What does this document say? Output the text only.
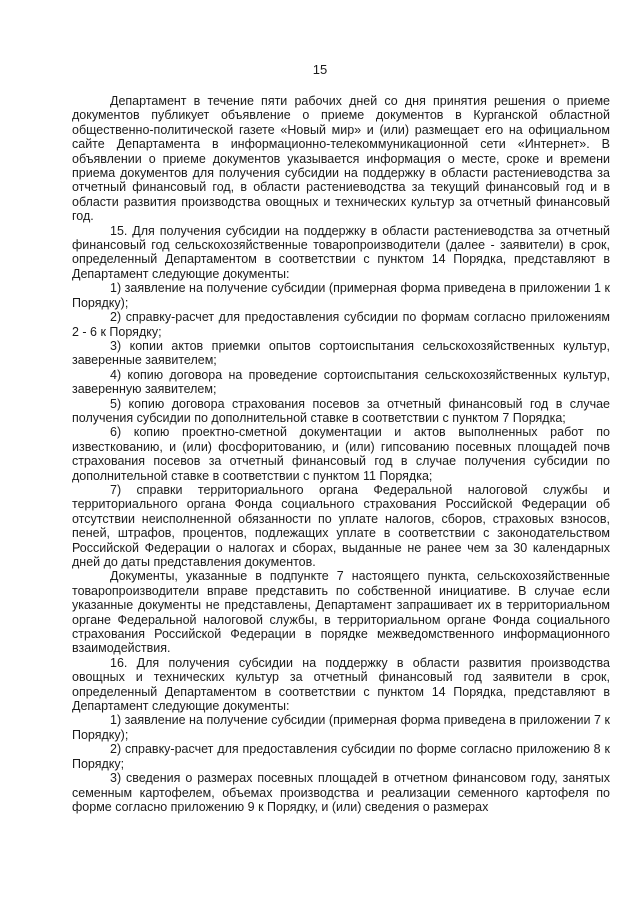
15

Департамент в течение пяти рабочих дней со дня принятия решения о приеме документов публикует объявление о приеме документов в Курганской областной общественно-политической газете «Новый мир» и (или) размещает его на официальном сайте Департамента в информационно-телекоммуникационной сети «Интернет». В объявлении о приеме документов указывается информация о месте, сроке и времени приема документов для получения субсидии на поддержку в области растениеводства за отчетный финансовый год, в области растениеводства за текущий финансовый год и в области развития производства овощных и технических культур за отчетный финансовый год.

15. Для получения субсидии на поддержку в области растениеводства за отчетный финансовый год сельскохозяйственные товаропроизводители (далее - заявители) в срок, определенный Департаментом в соответствии с пунктом 14 Порядка, представляют в Департамент следующие документы:

1) заявление на получение субсидии (примерная форма приведена в приложении 1 к Порядку);

2) справку-расчет для предоставления субсидии по формам согласно приложениям 2 - 6 к Порядку;

3) копии актов приемки опытов сортоиспытания сельскохозяйственных культур, заверенные заявителем;

4) копию договора на проведение сортоиспытания сельскохозяйственных культур, заверенную заявителем;

5) копию договора страхования посевов за отчетный финансовый год в случае получения субсидии по дополнительной ставке в соответствии с пунктом 7 Порядка;

6) копию проектно-сметной документации и актов выполненных работ по известкованию, и (или) фосфоритованию, и (или) гипсованию посевных площадей почв страхования посевов за отчетный финансовый год в случае получения субсидии по дополнительной ставке в соответствии с пунктом 11 Порядка;

7) справки территориального органа Федеральной налоговой службы и территориального органа Фонда социального страхования Российской Федерации об отсутствии неисполненной обязанности по уплате налогов, сборов, страховых взносов, пеней, штрафов, процентов, подлежащих уплате в соответствии с законодательством Российской Федерации о налогах и сборах, выданные не ранее чем за 30 календарных дней до даты представления документов.

Документы, указанные в подпункте 7 настоящего пункта, сельскохозяйственные товаропроизводители вправе представить по собственной инициативе. В случае если указанные документы не представлены, Департамент запрашивает их в территориальном органе Федеральной налоговой службы, в территориальном органе Фонда социального страхования Российской Федерации в порядке межведомственного информационного взаимодействия.

16. Для получения субсидии на поддержку в области развития производства овощных и технических культур за отчетный финансовый год заявители в срок, определенный Департаментом в соответствии с пунктом 14 Порядка, представляют в Департамент следующие документы:

1) заявление на получение субсидии (примерная форма приведена в приложении 7 к Порядку);

2) справку-расчет для предоставления субсидии по форме согласно приложению 8 к Порядку;

3) сведения о размерах посевных площадей в отчетном финансовом году, занятых семенным картофелем, объемах производства и реализации семенного картофеля по форме согласно приложению 9 к Порядку, и (или) сведения о размерах
